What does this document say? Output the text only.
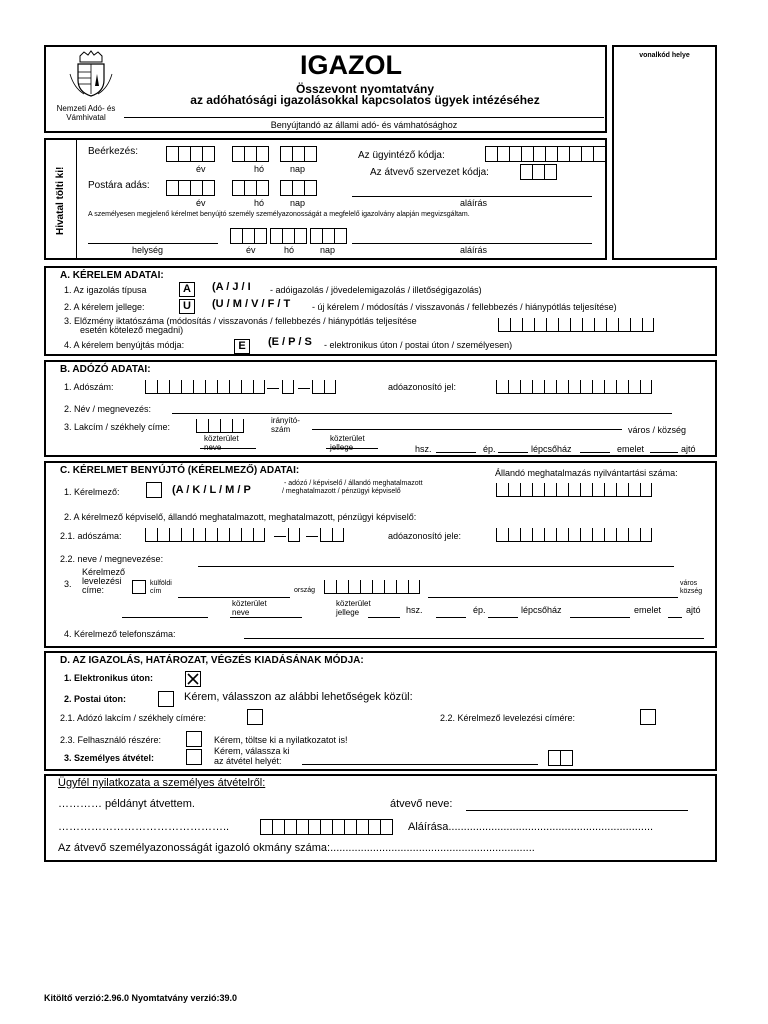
Nemzeti Adó- és Vámhivatal
IGAZOL
Összevont nyomtatvány
az adóhatósági igazolásokkal kapcsolatos ügyek intézéséhez
Benyújtandó az állami adó- és vámhatósághoz
vonalkód helye
Hivatal tölti ki!
Beérkezés:
év	hó	nap
Az ügyintéző kódja:
Az átvevő szervezet kódja:
Postára adás:
év	hó	nap	aláírás
A személyesen megjelenő kérelmet benyújtó személy személyazonosságát a megfelelő igazolvány alapján megvizsgáltam.
helység	év	hó	nap	aláírás
A. KÉRELEM ADATAI:
1. Az igazolás típusa	A	(A / J / I - adóigazolás / jövedelemigazolás / illetőségigazolás)
2. A kérelem jellege:	U	(U / M / V / F / T - új kérelem / módosítás / visszavonás / fellebbezés / hiánypótlás teljesítése)
3. Előzmény iktatószáma (módosítás / visszavonás / fellebbezés / hiánypótlás teljesítése
esetén kötelező megadni)
4. A kérelem benyújtás módja:	E	(E / P / S - elektronikus úton / postai úton / személyesen)
B. ADÓZÓ ADATAI:
1. Adószám:	adóazonosító jel:
2. Név / megnevezés:
3. Lakcím / székhely címe:
irányító-
szám	város / község
közterület
neve
közterület
jellege	hsz.	ép.	lépcsőház	emelet	ajtó
C. KÉRELMET BENYÚJTÓ (KÉRELMEZŐ) ADATAI:	Állandó meghatalmazás nyilvántartási száma:
1. Kérelmező:	(A / K / L / M / P
- adózó / képviselő / állandó meghatalmazott
/ meghatalmazott / pénzügyi képviselő
2. A kérelmező képviselő, állandó meghatalmazott, meghatalmazott, pénzügyi képviselő:
2.1. adószáma:	adóazonosító jele:
2.2. neve / megnevezése:
3.
Kérelmező
levelezési
címe:
külföldi
cím	ország
város
község
közterület
neve
közterület
jellege	hsz.	ép.	lépcsőház	emelet	ajtó
4. Kérelmező telefonszáma:
D. AZ IGAZOLÁS, HATÁROZAT, VÉGZÉS KIADÁSÁNAK MÓDJA:
1. Elektronikus úton:
2. Postai úton:	Kérem, válasszon az alábbi lehetőségek közül:
2.1. Adózó lakcím / székhely címére:	2.2. Kérelmező levelezési címére:
2.3. Felhasználó részére:	Kérem, töltse ki a nyilatkozatot is!
3. Személyes átvétel:
Kérem, válassza ki
az átvétel helyét:
Ügyfél nyilatkozata a személyes átvételről:
………… példányt átvettem.	átvevő neve:
………………………………………..	Aláírása...................................................................
Az átvevő személyazonosságát igazoló okmány száma:...................................................................
Kitöltő verzió:2.96.0 Nyomtatvány verzió:39.0
